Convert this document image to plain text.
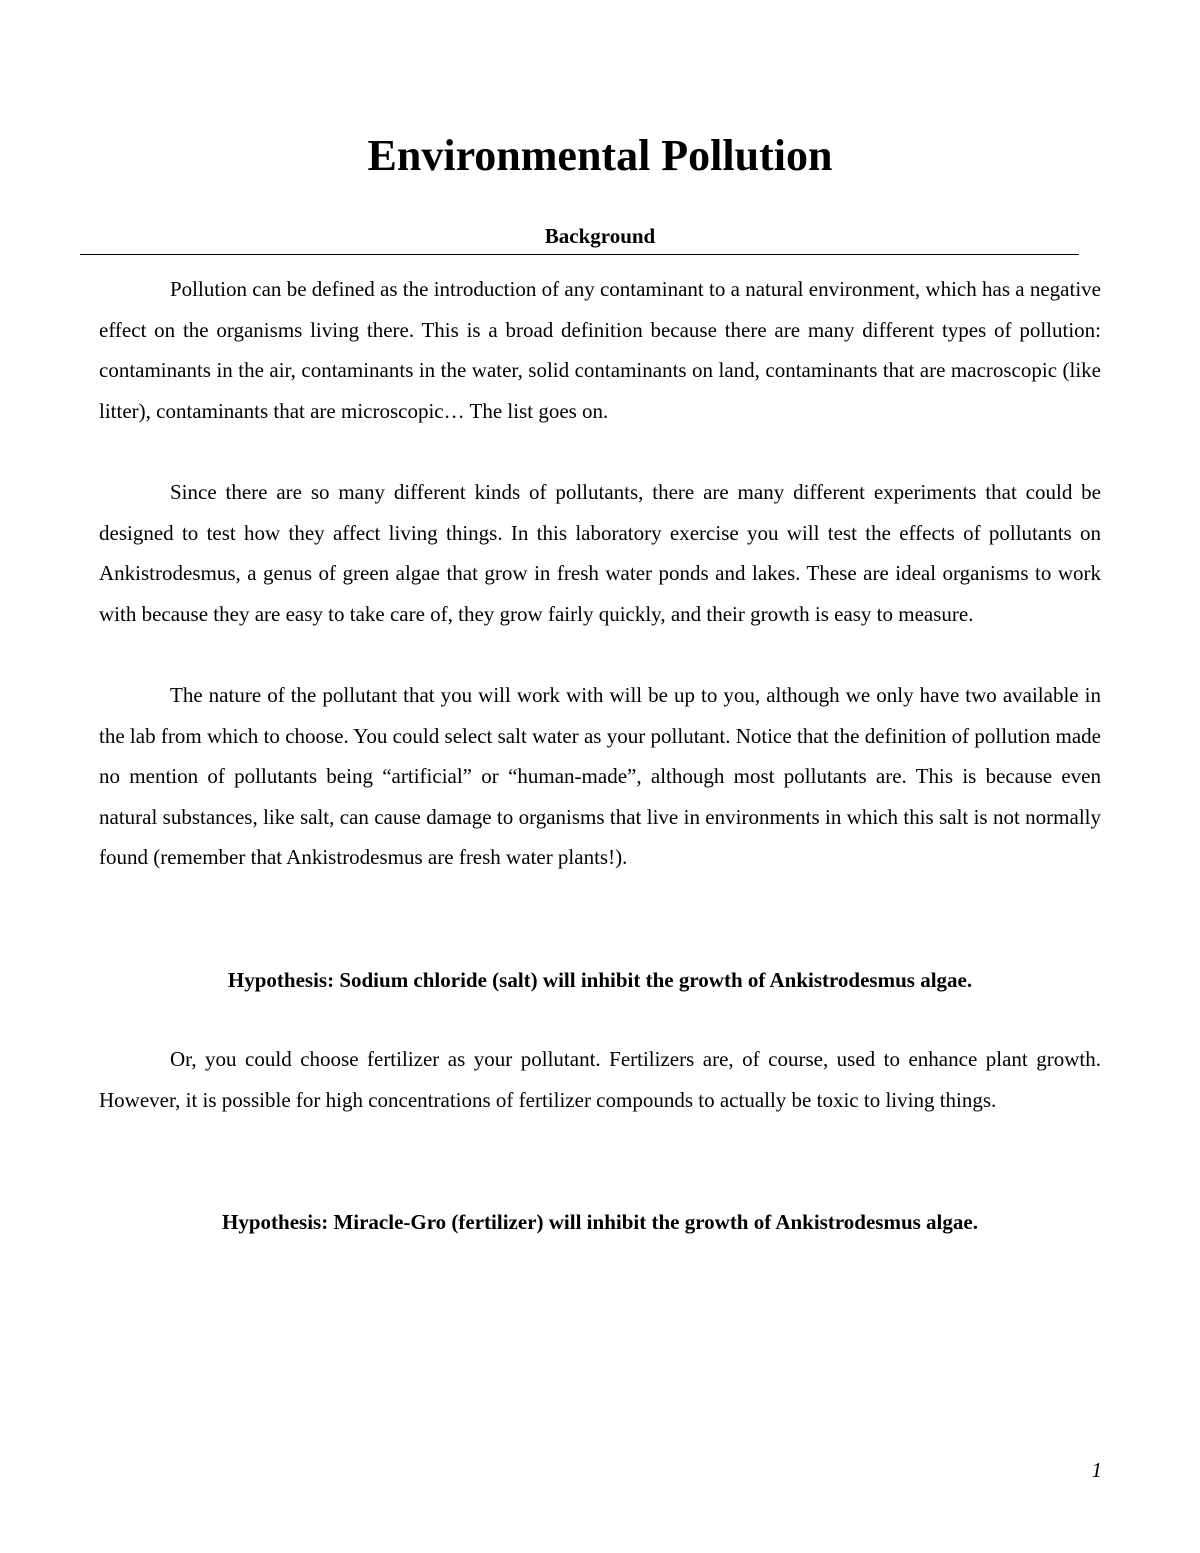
Environmental Pollution
Background

Pollution can be defined as the introduction of any contaminant to a natural environment, which has a negative effect on the organisms living there. This is a broad definition because there are many different types of pollution: contaminants in the air, contaminants in the water, solid contaminants on land, contaminants that are macroscopic (like litter), contaminants that are microscopic… The list goes on.

Since there are so many different kinds of pollutants, there are many different experiments that could be designed to test how they affect living things. In this laboratory exercise you will test the effects of pollutants on Ankistrodesmus, a genus of green algae that grow in fresh water ponds and lakes. These are ideal organisms to work with because they are easy to take care of, they grow fairly quickly, and their growth is easy to measure.

The nature of the pollutant that you will work with will be up to you, although we only have two available in the lab from which to choose. You could select salt water as your pollutant. Notice that the definition of pollution made no mention of pollutants being “artificial” or “human-made”, although most pollutants are. This is because even natural substances, like salt, can cause damage to organisms that live in environments in which this salt is not normally found (remember that Ankistrodesmus are fresh water plants!).

Hypothesis: Sodium chloride (salt) will inhibit the growth of Ankistrodesmus algae.

Or, you could choose fertilizer as your pollutant. Fertilizers are, of course, used to enhance plant growth. However, it is possible for high concentrations of fertilizer compounds to actually be toxic to living things.

Hypothesis: Miracle-Gro (fertilizer) will inhibit the growth of Ankistrodesmus algae.

1
